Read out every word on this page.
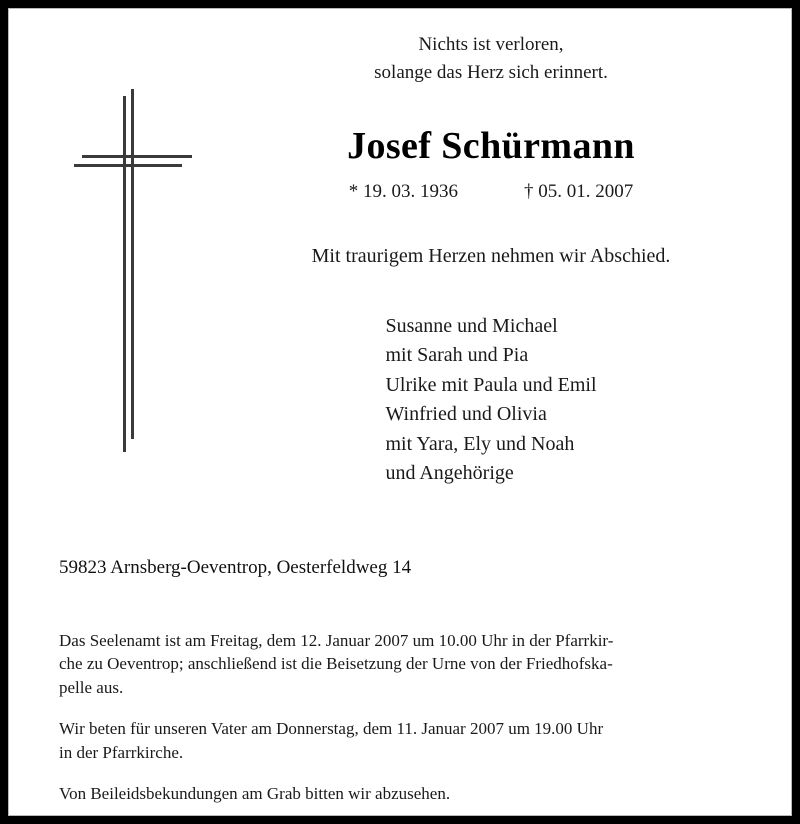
Nichts ist verloren,
solange das Herz sich erinnert.
Josef Schürmann
* 19. 03. 1936	† 05. 01. 2007
Mit traurigem Herzen nehmen wir Abschied.
Susanne und Michael
mit Sarah und Pia
Ulrike mit Paula und Emil
Winfried und Olivia
mit Yara, Ely und Noah
und Angehörige
59823 Arnsberg-Oeventrop, Oesterfeldweg 14

Das Seelenamt ist am Freitag, dem 12. Januar 2007 um 10.00 Uhr in der Pfarrkir-
che zu Oeventrop; anschließend ist die Beisetzung der Urne von der Friedhofska-
pelle aus.

Wir beten für unseren Vater am Donnerstag, dem 11. Januar 2007 um 19.00 Uhr
in der Pfarrkirche.

Von Beileidsbekundungen am Grab bitten wir abzusehen.
